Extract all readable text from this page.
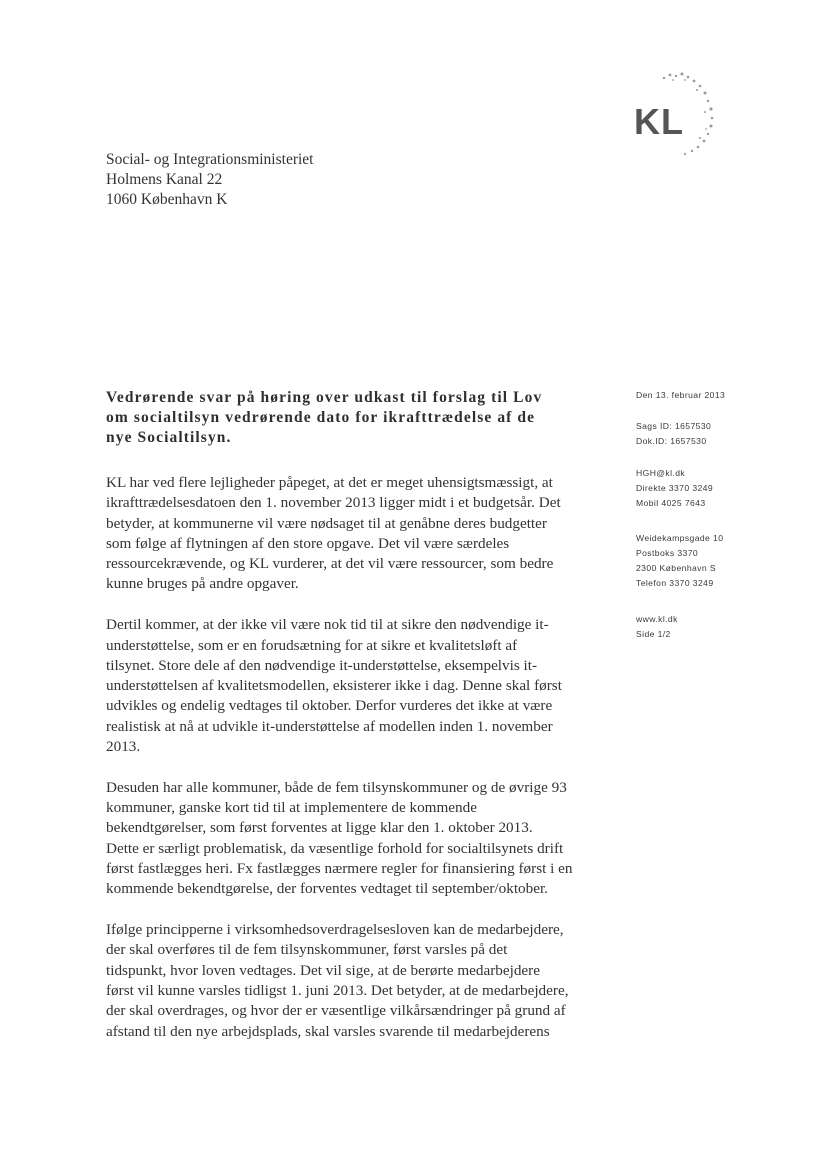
KL
Social- og Integrationsministeriet
Holmens Kanal 22
1060 København K
Vedrørende svar på høring over udkast til forslag til Lov
om socialtilsyn vedrørende dato for ikrafttrædelse af de
nye Socialtilsyn.
Den 13. februar 2013
Sags ID: 1657530
Dok.ID: 1657530
HGH@kl.dk
Direkte 3370 3249
Mobil 4025 7643
Weidekampsgade 10
Postboks 3370
2300 København S
Telefon 3370 3249
www.kl.dk
Side 1/2

KL har ved flere lejligheder påpeget, at det er meget uhensigtsmæssigt, at
ikrafttrædelsesdatoen den 1. november 2013 ligger midt i et budgetsår. Det
betyder, at kommunerne vil være nødsaget til at genåbne deres budgetter
som følge af flytningen af den store opgave. Det vil være særdeles
ressourcekrævende, og KL vurderer, at det vil være ressourcer, som bedre
kunne bruges på andre opgaver.

Dertil kommer, at der ikke vil være nok tid til at sikre den nødvendige it-
understøttelse, som er en forudsætning for at sikre et kvalitetsløft af
tilsynet. Store dele af den nødvendige it-understøttelse, eksempelvis it-
understøttelsen af kvalitetsmodellen, eksisterer ikke i dag. Denne skal først
udvikles og endelig vedtages til oktober. Derfor vurderes det ikke at være
realistisk at nå at udvikle it-understøttelse af modellen inden 1. november
2013.

Desuden har alle kommuner, både de fem tilsynskommuner og de øvrige 93
kommuner, ganske kort tid til at implementere de kommende
bekendtgørelser, som først forventes at ligge klar den 1. oktober 2013.
Dette er særligt problematisk, da væsentlige forhold for socialtilsynets drift
først fastlægges heri. Fx fastlægges nærmere regler for finansiering først i en
kommende bekendtgørelse, der forventes vedtaget til september/oktober.

Ifølge principperne i virksomhedsoverdragelsesloven kan de medarbejdere,
der skal overføres til de fem tilsynskommuner, først varsles på det
tidspunkt, hvor loven vedtages. Det vil sige, at de berørte medarbejdere
først vil kunne varsles tidligst 1. juni 2013. Det betyder, at de medarbejdere,
der skal overdrages, og hvor der er væsentlige vilkårsændringer på grund af
afstand til den nye arbejdsplads, skal varsles svarende til medarbejderens
